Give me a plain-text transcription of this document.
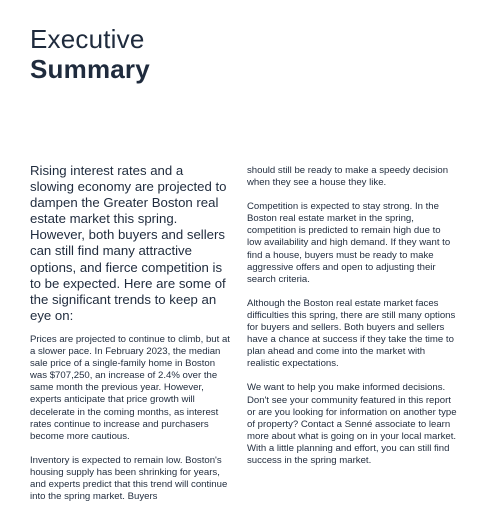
Executive
Summary

Rising interest rates and a slowing economy are projected to dampen the Greater Boston real estate market this spring. However, both buyers and sellers can still find many attractive options, and fierce competition is to be expected. Here are some of the significant trends to keep an eye on:

Prices are projected to continue to climb, but at a slower pace. In February 2023, the median sale price of a single-family home in Boston was $707,250, an increase of 2.4% over the same month the previous year. However, experts anticipate that price growth will decelerate in the coming months, as interest rates continue to increase and purchasers become more cautious.

Inventory is expected to remain low. Boston's housing supply has been shrinking for years, and experts predict that this trend will continue into the spring market. Buyers

should still be ready to make a speedy decision when they see a house they like.

Competition is expected to stay strong. In the Boston real estate market in the spring, competition is predicted to remain high due to low availability and high demand. If they want to find a house, buyers must be ready to make aggressive offers and open to adjusting their search criteria.

Although the Boston real estate market faces difficulties this spring, there are still many options for buyers and sellers. Both buyers and sellers have a chance at success if they take the time to plan ahead and come into the market with realistic expectations.

We want to help you make informed decisions. Don't see your community featured in this report or are you looking for information on another type of property? Contact a Senné associate to learn more about what is going on in your local market. With a little planning and effort, you can still find success in the spring market.
